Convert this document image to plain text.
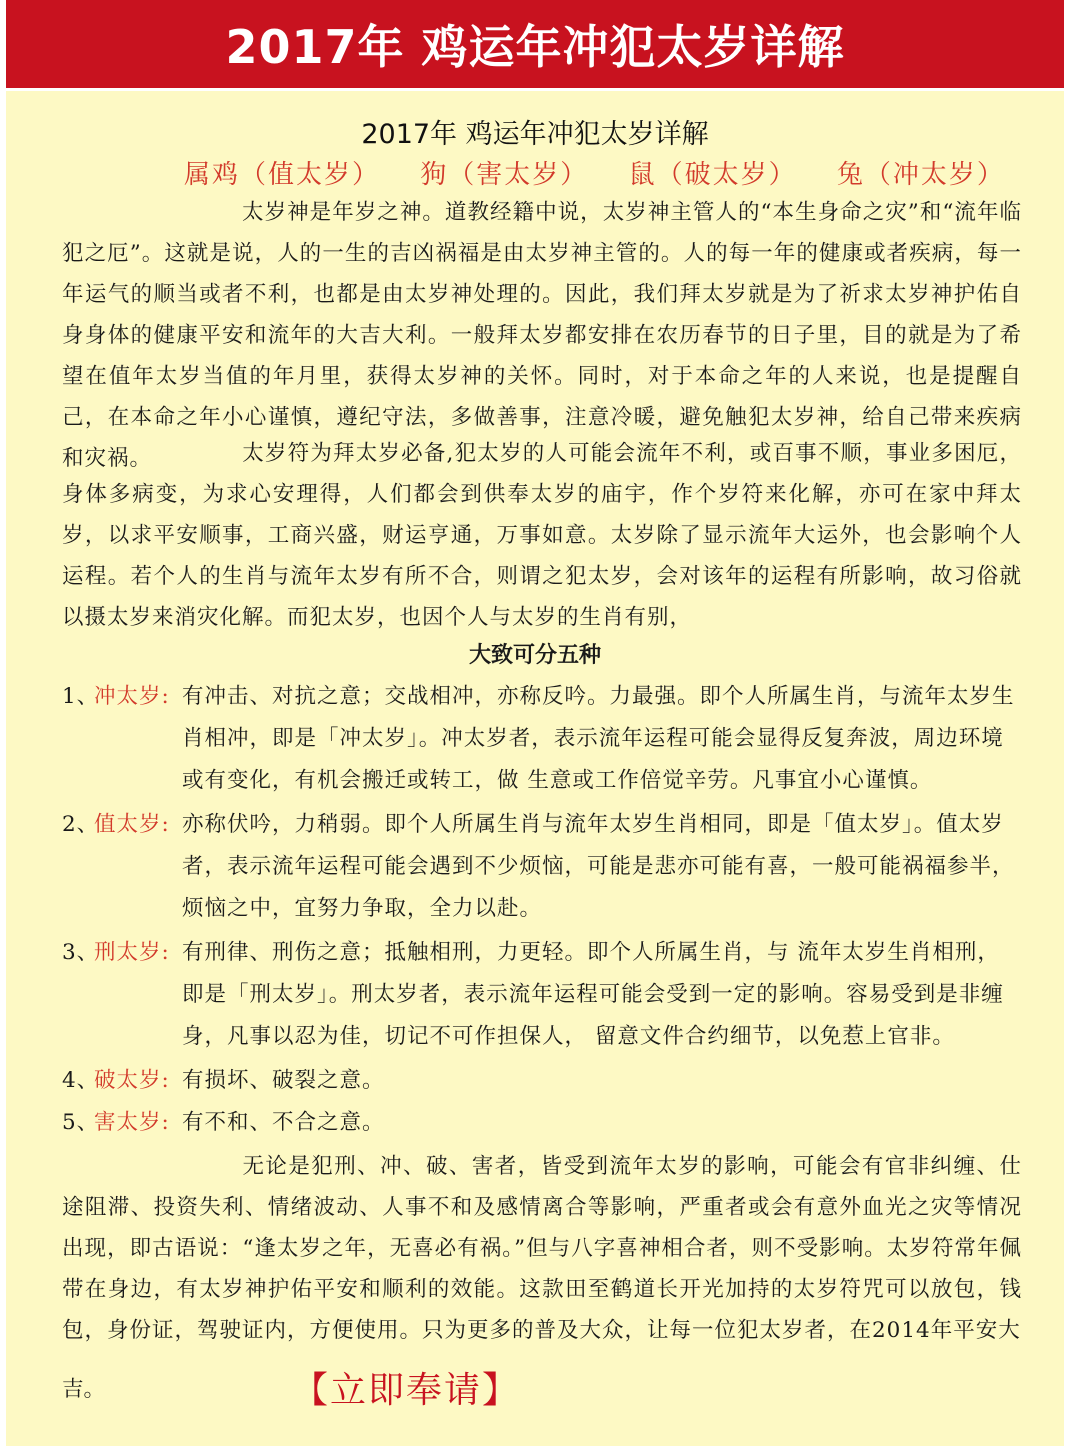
2017年 鸡运年冲犯太岁详解
2017年 鸡运年冲犯太岁详解
属鸡（值太岁） 狗（害太岁） 鼠（破太岁） 兔（冲太岁）
太岁神是年岁之神。道教经籍中说，太岁神主管人的“本生身命之灾”和“流年临犯之厄”。这就是说，人的一生的吉凶祸福是由太岁神主管的。人的每一年的健康或者疾病，每一年运气的顺当或者不利，也都是由太岁神处理的。因此，我们拜太岁就是为了祈求太岁神护佑自身身体的健康平安和流年的大吉大利。一般拜太岁都安排在农历春节的日子里，目的就是为了希望在值年太岁当值的年月里，获得太岁神的关怀。同时，对于本命之年的人来说，也是提醒自己，在本命之年小心谨慎，遵纪守法，多做善事，注意冷暖，避免触犯太岁神，给自己带来疾病和灾祸。	太岁符为拜太岁必备,犯太岁的人可能会流年不利，或百事不顺，事业多困厄，身体多病变，为求心安理得，人们都会到供奉太岁的庙宇，作个岁符来化解，亦可在家中拜太岁，以求平安顺事，工商兴盛，财运亨通，万事如意。太岁除了显示流年大运外，也会影响个人运程。若个人的生肖与流年太岁有所不合，则谓之犯太岁，会对该年的运程有所影响，故习俗就以摄太岁来消灾化解。而犯太岁，也因个人与太岁的生肖有别，
大致可分五种
1、
冲太岁: 有冲击、对抗之意；交战相冲，亦称反吟。力最强。即个人所属生肖，与流年太岁生肖相冲，即是「冲太岁」。冲太岁者，表示流年运程可能会显得反复奔波，周边环境或有变化，有机会搬迁或转工，做 生意或工作倍觉辛劳。凡事宜小心谨慎。
2、
值太岁: 亦称伏吟，力稍弱。即个人所属生肖与流年太岁生肖相同，即是「值太岁」。值太岁者，表示流年运程可能会遇到不少烦恼，可能是悲亦可能有喜，一般可能祸福参半，烦恼之中，宜努力争取，全力以赴。
3、
刑太岁: 有刑律、刑伤之意；抵触相刑，力更轻。即个人所属生肖，与 流年太岁生肖相刑，即是「刑太岁」。刑太岁者，表示流年运程可能会受到一定的影响。容易受到是非缠身，凡事以忍为佳，切记不可作担保人， 留意文件合约细节，以免惹上官非。
4、
破太岁: 有损坏、破裂之意。
5、
害太岁: 有不和、不合之意。
无论是犯刑、冲、破、害者，皆受到流年太岁的影响，可能会有官非纠缠、仕途阻滞、投资失利、情绪波动、人事不和及感情离合等影响，严重者或会有意外血光之灾等情况出现，即古语说：“逢太岁之年，无喜必有祸。”但与八字喜神相合者，则不受影响。太岁符常年佩带在身边，有太岁神护佑平安和顺利的效能。这款田至鹤道长开光加持的太岁符咒可以放包，钱包，身份证，驾驶证内，方便使用。只为更多的普及大众，让每一位犯太岁者，在2014年平安大
吉。	【立即奉请】
